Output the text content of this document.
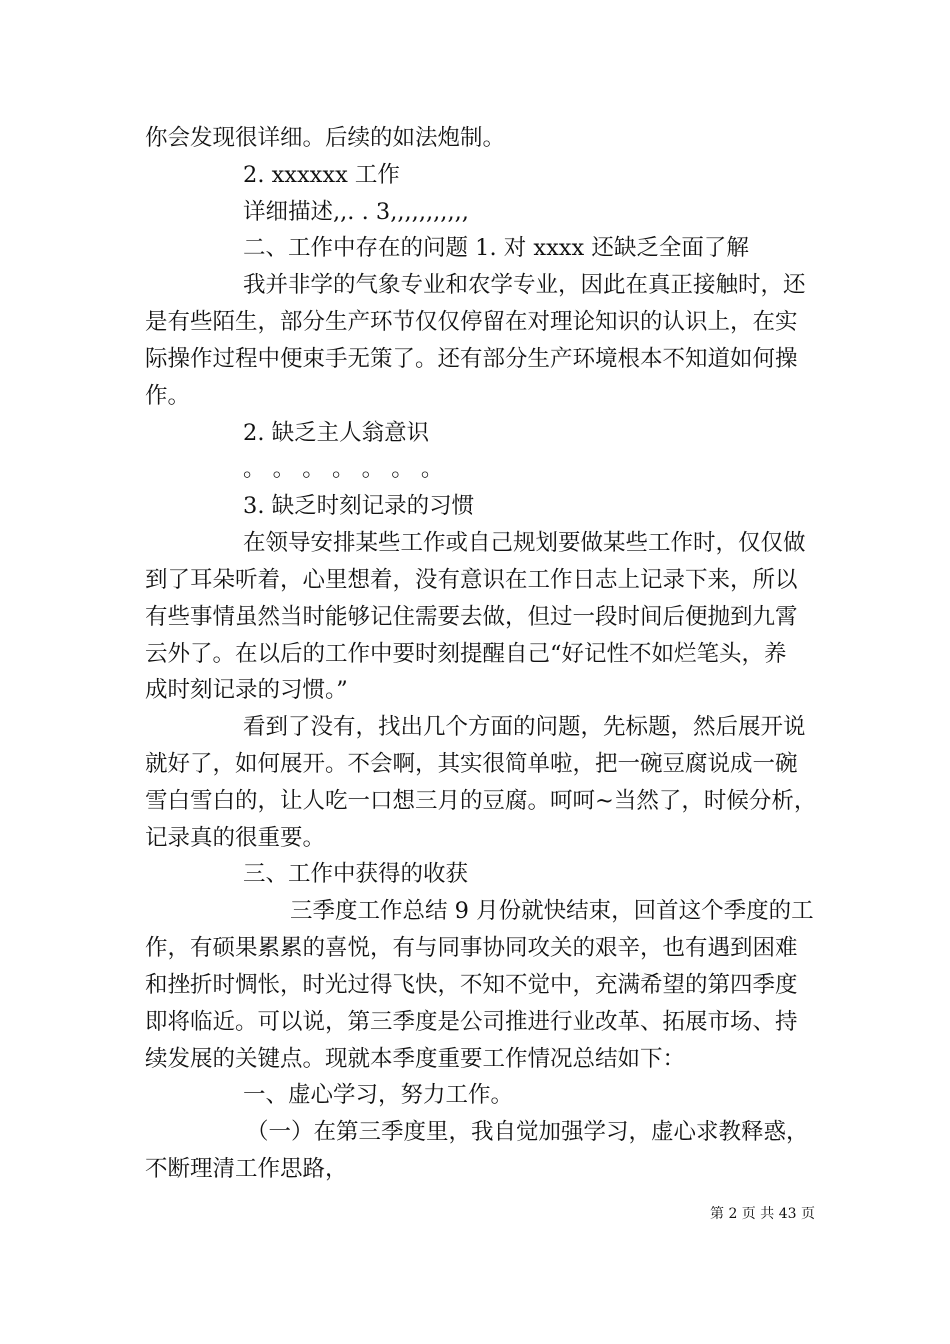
你会发现很详细。后续的如法炮制。

2. xxxxxx 工作

详细描述,,. . 3,,,,,,,,,,,

二、工作中存在的问题 1. 对 xxxx 还缺乏全面了解

我并非学的气象专业和农学专业，因此在真正接触时，还

是有些陌生，部分生产环节仅仅停留在对理论知识的认识上，在实

际操作过程中便束手无策了。还有部分生产环境根本不知道如何操

作。

2. 缺乏主人翁意识

。 。 。 。 。 。 。

3. 缺乏时刻记录的习惯

在领导安排某些工作或自己规划要做某些工作时，仅仅做

到了耳朵听着，心里想着，没有意识在工作日志上记录下来，所以

有些事情虽然当时能够记住需要去做，但过一段时间后便抛到九霄

云外了。在以后的工作中要时刻提醒自己“好记性不如烂笔头，养

成时刻记录的习惯。”

看到了没有，找出几个方面的问题，先标题，然后展开说

就好了，如何展开。不会啊，其实很简单啦，把一碗豆腐说成一碗

雪白雪白的，让人吃一口想三月的豆腐。呵呵~当然了，时候分析，

记录真的很重要。

三、工作中获得的收获

三季度工作总结 9 月份就快结束，回首这个季度的工

作，有硕果累累的喜悦，有与同事协同攻关的艰辛，也有遇到困难

和挫折时惆怅，时光过得飞快，不知不觉中，充满希望的第四季度

即将临近。可以说，第三季度是公司推进行业改革、拓展市场、持

续发展的关键点。现就本季度重要工作情况总结如下：

一、虚心学习，努力工作。

（一）在第三季度里，我自觉加强学习，虚心求教释惑，

不断理清工作思路，

第 2 页 共 43 页
